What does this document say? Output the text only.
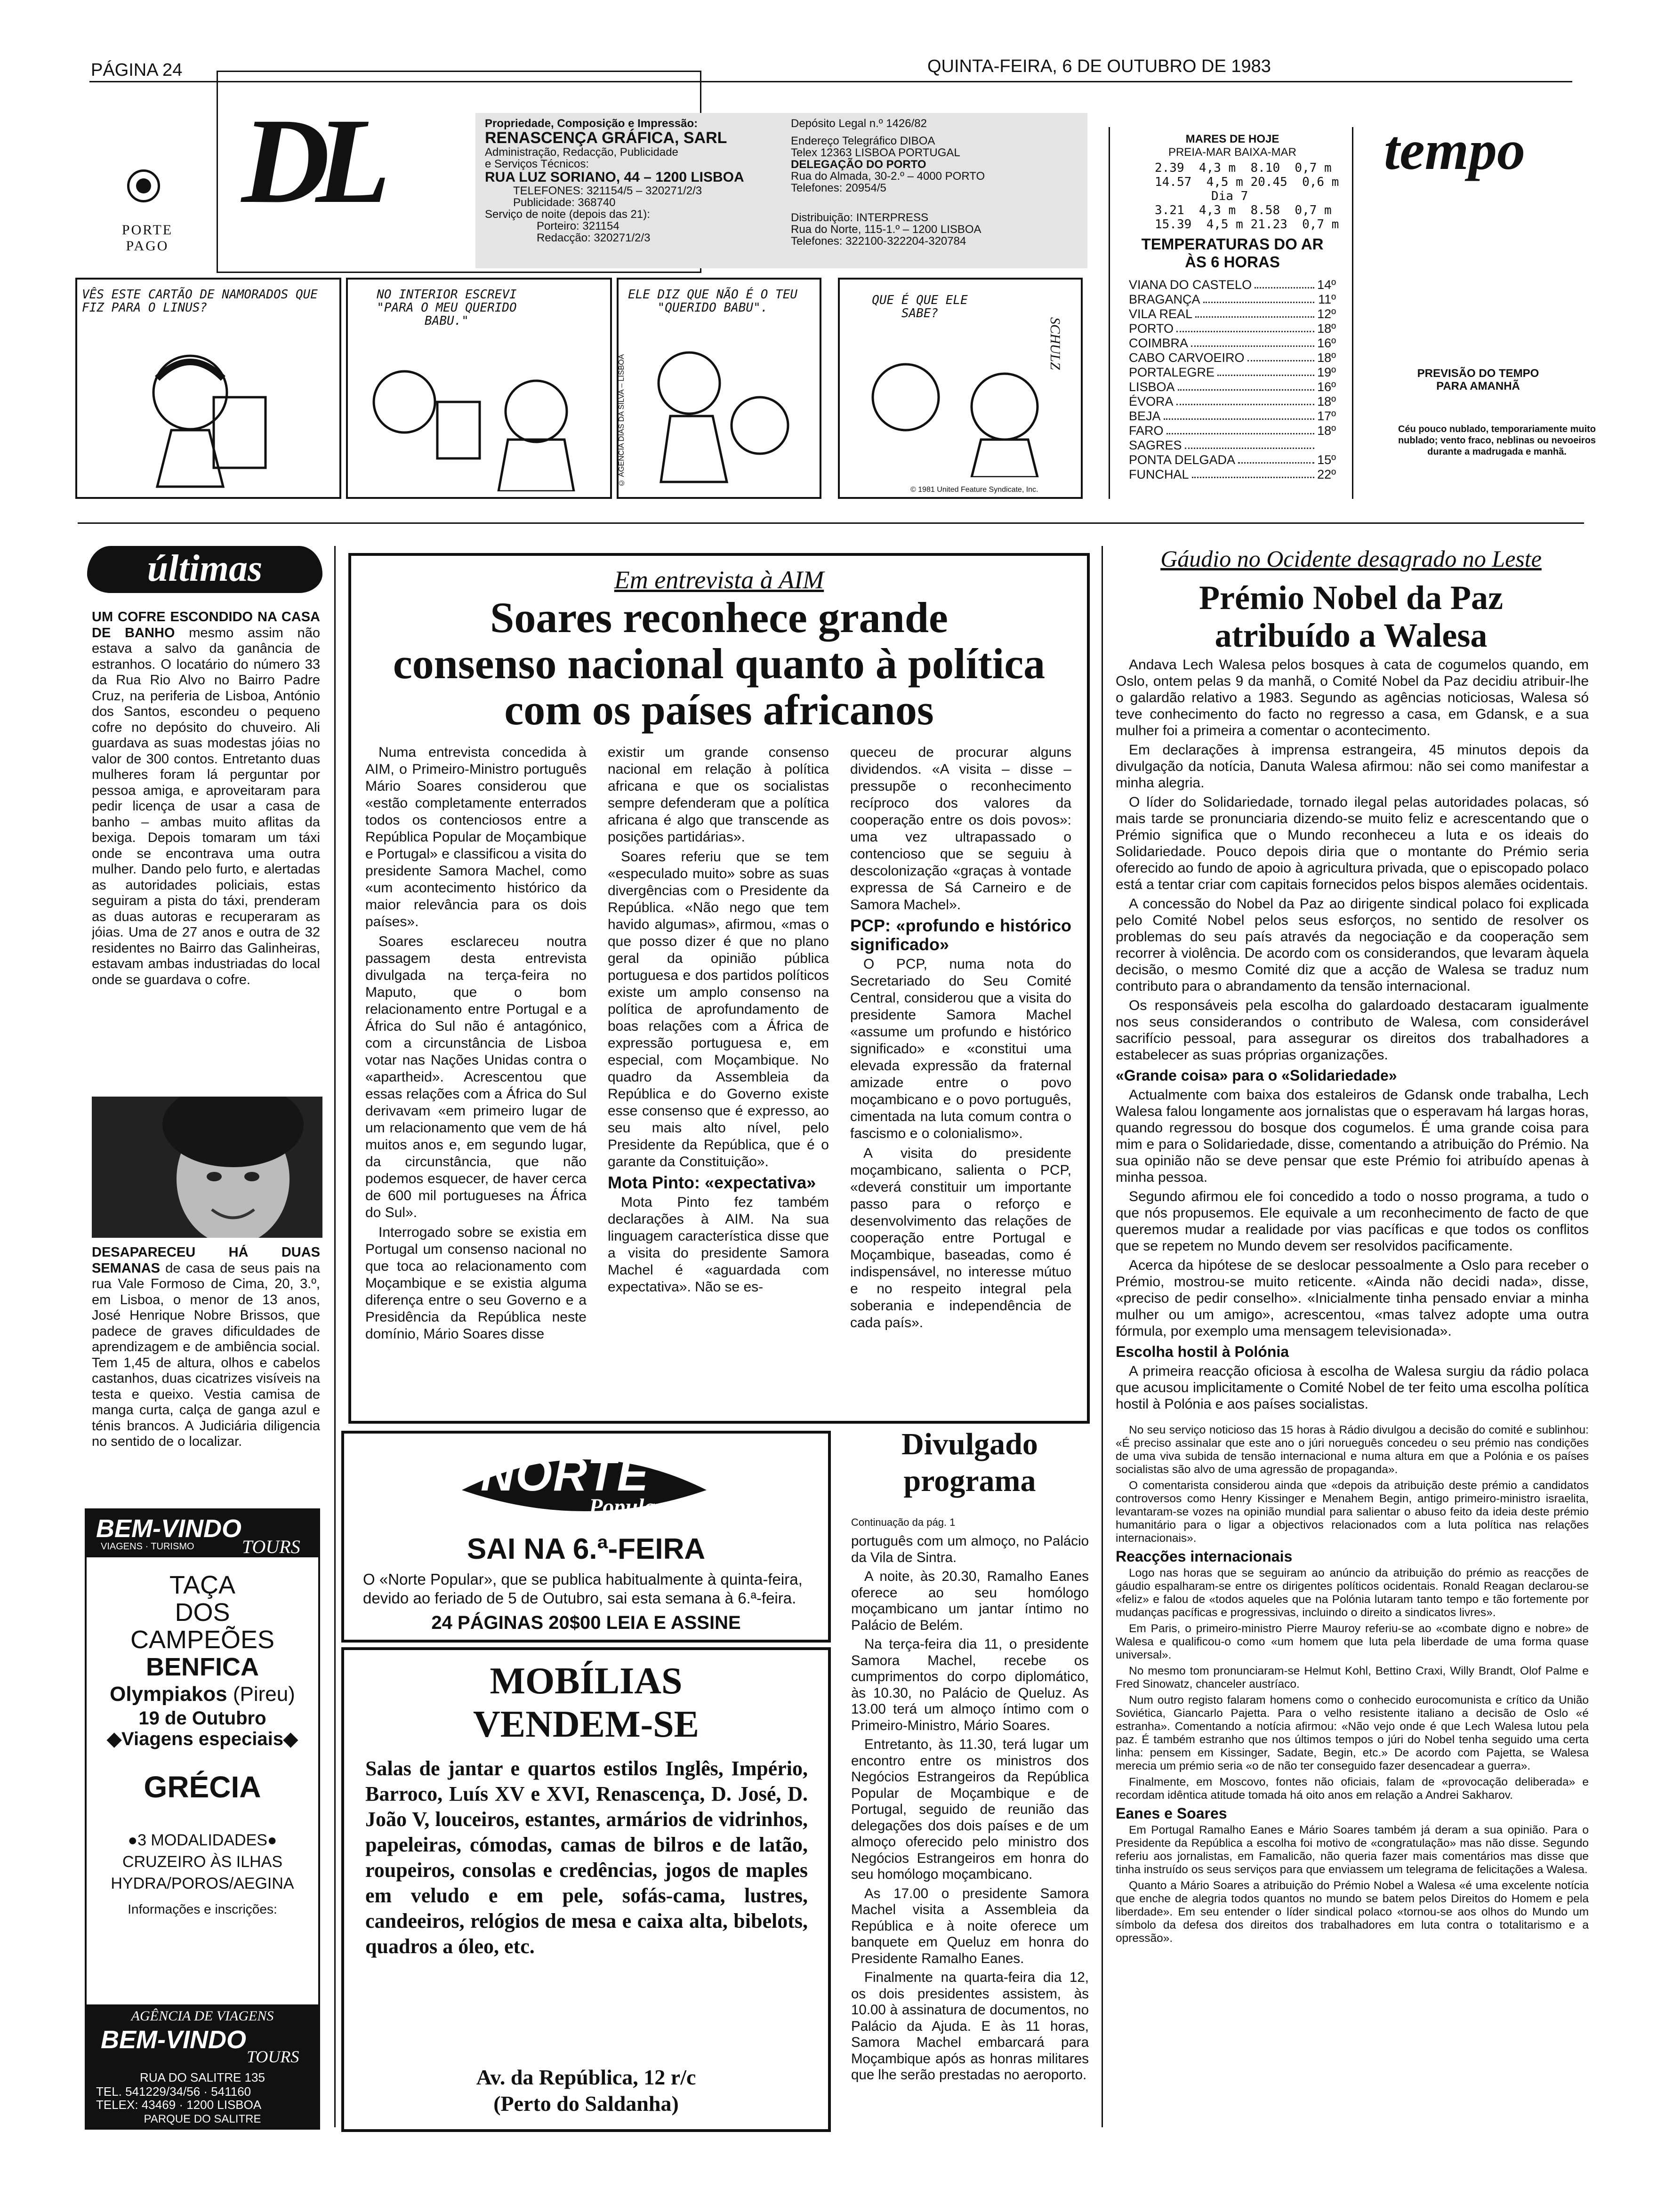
PÁGINA 24	QUINTA-FEIRA, 6 DE OUTUBRO DE 1983
DL
PORTE
PAGO
Propriedade, Composição e Impressão:
RENASCENÇA GRÁFICA, SARL
Administração, Redacção, Publicidade
e Serviços Técnicos:
RUA LUZ SORIANO, 44 – 1200 LISBOA
TELEFONES: 321154/5 – 320271/2/3
Publicidade: 368740
Serviço de noite (depois das 21):
Porteiro: 321154
Redacção: 320271/2/3
Depósito Legal n.º 1426/82
Endereço Telegráfico DIBOA
Telex 12363 LISBOA PORTUGAL
DELEGAÇÃO DO PORTO
Rua do Almada, 30-2.º – 4000 PORTO
Telefones: 20954/5
Distribuição: INTERPRESS
Rua do Norte, 115-1.º – 1200 LISBOA
Telefones: 322100-322204-320784
VÊS ESTE CARTÃO DE NAMORADOS QUE FIZ PARA O LINUS?
NO INTERIOR ESCREVI "PARA O MEU QUERIDO BABU."
ELE DIZ QUE NÃO É O TEU "QUERIDO BABU".
© AGÊNCIA DIAS DA SILVA – LISBOA
QUE É QUE ELE SABE?
SCHULZ
© 1981 United Feature Syndicate, Inc.
MARES DE HOJE
PREIA-MAR BAIXA-MAR
2.39  4,3 m  8.10  0,7 m
14.57  4,5 m 20.45  0,6 m
Dia 7
3.21  4,3 m  8.58  0,7 m
15.39  4,5 m 21.23  0,7 m
TEMPERATURAS DO AR
ÀS 6 HORAS
VIANA DO CASTELO	14º
BRAGANÇA	11º
VILA REAL	12º
PORTO	18º
COIMBRA	16º
CABO CARVOEIRO	18º
PORTALEGRE	19º
LISBOA	16º
ÉVORA	18º
BEJA	17º
FARO	18º
SAGRES
PONTA DELGADA	15º
FUNCHAL	22º
tempo
PREVISÃO DO TEMPO
PARA AMANHÃ
Céu pouco nublado, temporariamente muito nublado; vento fraco, neblinas ou nevoeiros durante a madrugada e manhã.
últimas
UM COFRE ESCONDIDO NA CASA DE BANHO mesmo assim não estava a salvo da ganância de estranhos. O locatário do número 33 da Rua Rio Alvo no Bairro Padre Cruz, na periferia de Lisboa, António dos Santos, escondeu o pequeno cofre no depósito do chuveiro. Ali guardava as suas modestas jóias no valor de 300 contos. Entretanto duas mulheres foram lá perguntar por pessoa amiga, e aproveitaram para pedir licença de usar a casa de banho – ambas muito aflitas da bexiga. Depois tomaram um táxi onde se encontrava uma outra mulher. Dando pelo furto, e alertadas as autoridades policiais, estas seguiram a pista do táxi, prenderam as duas autoras e recuperaram as jóias. Uma de 27 anos e outra de 32 residentes no Bairro das Galinheiras, estavam ambas industriadas do local onde se guardava o cofre.
DESAPARECEU HÁ DUAS SEMANAS de casa de seus pais na rua Vale Formoso de Cima, 20, 3.º, em Lisboa, o menor de 13 anos, José Henrique Nobre Brissos, que padece de graves dificuldades de aprendizagem e de ambiência social. Tem 1,45 de altura, olhos e cabelos castanhos, duas cicatrizes visíveis na testa e queixo. Vestia camisa de manga curta, calça de ganga azul e ténis brancos. A Judiciária diligencia no sentido de o localizar.
BEM-VINDO
VIAGENS · TURISMO	TOURS
TAÇA
DOS
CAMPEÕES
BENFICA
Olympiakos (Pireu)
19 de Outubro
◆Viagens especiais◆
GRÉCIA
●3 MODALIDADES●
CRUZEIRO ÀS ILHAS
HYDRA/POROS/AEGINA
Informações e inscrições:
AGÊNCIA DE VIAGENS
BEM-VINDO
TOURS
RUA DO SALITRE 135
TEL. 541229/34/56 · 541160
TELEX: 43469 · 1200 LISBOA
PARQUE DO SALITRE
Em entrevista à AIM
Soares reconhece grande
consenso nacional quanto à política
com os países africanos

Numa entrevista concedida à AIM, o Primeiro-Ministro português Mário Soares considerou que «estão completamente enterrados todos os contenciosos entre a República Popular de Moçambique e Portugal» e classificou a visita do presidente Samora Machel, como «um acontecimento histórico da maior relevância para os dois países».

Soares esclareceu noutra passagem desta entrevista divulgada na terça-feira no Maputo, que o bom relacionamento entre Portugal e a África do Sul não é antagónico, com a circunstância de Lisboa votar nas Nações Unidas contra o «apartheid». Acrescentou que essas relações com a África do Sul derivavam «em primeiro lugar de um relacionamento que vem de há muitos anos e, em segundo lugar, da circunstância, que não podemos esquecer, de haver cerca de 600 mil portugueses na África do Sul».

Interrogado sobre se existia em Portugal um consenso nacional no que toca ao relacionamento com Moçambique e se existia alguma diferença entre o seu Governo e a Presidência da República neste domínio, Mário Soares disse

existir um grande consenso nacional em relação à política africana e que os socialistas sempre defenderam que a política africana é algo que transcende as posições partidárias».

Soares referiu que se tem «especulado muito» sobre as suas divergências com o Presidente da República. «Não nego que tem havido algumas», afirmou, «mas o que posso dizer é que no plano geral da opinião pública portuguesa e dos partidos políticos existe um amplo consenso na política de aprofundamento de boas relações com a África de expressão portuguesa e, em especial, com Moçambique. No quadro da Assembleia da República e do Governo existe esse consenso que é expresso, ao seu mais alto nível, pelo Presidente da República, que é o garante da Constituição».

Mota Pinto: «expectativa»

Mota Pinto fez também declarações à AIM. Na sua linguagem característica disse que a visita do presidente Samora Machel é «aguardada com expectativa». Não se es-

queceu de procurar alguns dividendos. «A visita – disse – pressupõe o reconhecimento recíproco dos valores da cooperação entre os dois povos»: uma vez ultrapassado o contencioso que se seguiu à descolonização «graças à vontade expressa de Sá Carneiro e de Samora Machel».

PCP: «profundo e histórico significado»

O PCP, numa nota do Secretariado do Seu Comité Central, considerou que a visita do presidente Samora Machel «assume um profundo e histórico significado» e «constitui uma elevada expressão da fraternal amizade entre o povo moçambicano e o povo português, cimentada na luta comum contra o fascismo e o colonialismo».

A visita do presidente moçambicano, salienta o PCP, «deverá constituir um importante passo para o reforço e desenvolvimento das relações de cooperação entre Portugal e Moçambique, baseadas, como é indispensável, no interesse mútuo e no respeito integral pela soberania e independência de cada país».

NORTE
Popular
SAI NA 6.ª-FEIRA
O «Norte Popular», que se publica habitualmente à quinta-feira, devido ao feriado de 5 de Outubro, sai esta semana à 6.ª-feira.
24 PÁGINAS 20$00 LEIA E ASSINE
MOBÍLIAS
VENDEM-SE
Salas de jantar e quartos estilos Inglês, Império, Barroco, Luís XV e XVI, Renascença, D. José, D. João V, louceiros, estantes, armários de vidrinhos, papeleiras, cómodas, camas de bilros e de latão, roupeiros, consolas e credências, jogos de maples em veludo e em pele, sofás-cama, lustres, candeeiros, relógios de mesa e caixa alta, bibelots, quadros a óleo, etc.
Av. da República, 12 r/c
(Perto do Saldanha)
Divulgado
programa
Continuação da pág. 1

português com um almoço, no Palácio da Vila de Sintra.

A noite, às 20.30, Ramalho Eanes oferece ao seu homólogo moçambicano um jantar íntimo no Palácio de Belém.

Na terça-feira dia 11, o presidente Samora Machel, recebe os cumprimentos do corpo diplomático, às 10.30, no Palácio de Queluz. As 13.00 terá um almoço íntimo com o Primeiro-Ministro, Mário Soares.

Entretanto, às 11.30, terá lugar um encontro entre os ministros dos Negócios Estrangeiros da República Popular de Moçambique e de Portugal, seguido de reunião das delegações dos dois países e de um almoço oferecido pelo ministro dos Negócios Estrangeiros em honra do seu homólogo moçambicano.

As 17.00 o presidente Samora Machel visita a Assembleia da República e à noite oferece um banquete em Queluz em honra do Presidente Ramalho Eanes.

Finalmente na quarta-feira dia 12, os dois presidentes assistem, às 10.00 à assinatura de documentos, no Palácio da Ajuda. E às 11 horas, Samora Machel embarcará para Moçambique após as honras militares que lhe serão prestadas no aeroporto.

Gáudio no Ocidente desagrado no Leste
Prémio Nobel da Paz
atribuído a Walesa

Andava Lech Walesa pelos bosques à cata de cogumelos quando, em Oslo, ontem pelas 9 da manhã, o Comité Nobel da Paz decidiu atribuir-lhe o galardão relativo a 1983. Segundo as agências noticiosas, Walesa só teve conhecimento do facto no regresso a casa, em Gdansk, e a sua mulher foi a primeira a comentar o acontecimento.

Em declarações à imprensa estrangeira, 45 minutos depois da divulgação da notícia, Danuta Walesa afirmou: não sei como manifestar a minha alegria.

O líder do Solidariedade, tornado ilegal pelas autoridades polacas, só mais tarde se pronunciaria dizendo-se muito feliz e acrescentando que o Prémio significa que o Mundo reconheceu a luta e os ideais do Solidariedade. Pouco depois diria que o montante do Prémio seria oferecido ao fundo de apoio à agricultura privada, que o episcopado polaco está a tentar criar com capitais fornecidos pelos bispos alemães ocidentais.

A concessão do Nobel da Paz ao dirigente sindical polaco foi explicada pelo Comité Nobel pelos seus esforços, no sentido de resolver os problemas do seu país através da negociação e da cooperação sem recorrer à violência. De acordo com os considerandos, que levaram àquela decisão, o mesmo Comité diz que a acção de Walesa se traduz num contributo para o abrandamento da tensão internacional.

Os responsáveis pela escolha do galardoado destacaram igualmente nos seus considerandos o contributo de Walesa, com considerável sacrifício pessoal, para assegurar os direitos dos trabalhadores a estabelecer as suas próprias organizações.

«Grande coisa» para o «Solidariedade»

Actualmente com baixa dos estaleiros de Gdansk onde trabalha, Lech Walesa falou longamente aos jornalistas que o esperavam há largas horas, quando regressou do bosque dos cogumelos. É uma grande coisa para mim e para o Solidariedade, disse, comentando a atribuição do Prémio. Na sua opinião não se deve pensar que este Prémio foi atribuído apenas à minha pessoa.

Segundo afirmou ele foi concedido a todo o nosso programa, a tudo o que nós propusemos. Ele equivale a um reconhecimento de facto de que queremos mudar a realidade por vias pacíficas e que todos os conflitos que se repetem no Mundo devem ser resolvidos pacificamente.

Acerca da hipótese de se deslocar pessoalmente a Oslo para receber o Prémio, mostrou-se muito reticente. «Ainda não decidi nada», disse, «preciso de pedir conselho». «Inicialmente tinha pensado enviar a minha mulher ou um amigo», acrescentou, «mas talvez adopte uma outra fórmula, por exemplo uma mensagem televisionada».

Escolha hostil à Polónia

A primeira reacção oficiosa à escolha de Walesa surgiu da rádio polaca que acusou implicitamente o Comité Nobel de ter feito uma escolha política hostil à Polónia e aos países socialistas.

No seu serviço noticioso das 15 horas à Rádio divulgou a decisão do comité e sublinhou: «É preciso assinalar que este ano o júri norueguês concedeu o seu prémio nas condições de uma viva subida de tensão internacional e numa altura em que a Polónia e os países socialistas são alvo de uma agressão de propaganda».

O comentarista considerou ainda que «depois da atribuição deste prémio a candidatos controversos como Henry Kissinger e Menahem Begin, antigo primeiro-ministro israelita, levantaram-se vozes na opinião mundial para salientar o abuso feito da ideia deste prémio humanitário para o ligar a objectivos relacionados com a luta política nas relações internacionais».

Reacções internacionais

Logo nas horas que se seguiram ao anúncio da atribuição do prémio as reacções de gáudio espalharam-se entre os dirigentes políticos ocidentais. Ronald Reagan declarou-se «feliz» e falou de «todos aqueles que na Polónia lutaram tanto tempo e tão fortemente por mudanças pacíficas e progressivas, incluindo o direito a sindicatos livres».

Em Paris, o primeiro-ministro Pierre Mauroy referiu-se ao «combate digno e nobre» de Walesa e qualificou-o como «um homem que luta pela liberdade de uma forma quase universal».

No mesmo tom pronunciaram-se Helmut Kohl, Bettino Craxi, Willy Brandt, Olof Palme e Fred Sinowatz, chanceler austríaco.

Num outro registo falaram homens como o conhecido eurocomunista e crítico da União Soviética, Giancarlo Pajetta. Para o velho resistente italiano a decisão de Oslo «é estranha». Comentando a notícia afirmou: «Não vejo onde é que Lech Walesa lutou pela paz. É também estranho que nos últimos tempos o júri do Nobel tenha seguido uma certa linha: pensem em Kissinger, Sadate, Begin, etc.» De acordo com Pajetta, se Walesa merecia um prémio seria «o de não ter conseguido fazer desencadear a guerra».

Finalmente, em Moscovo, fontes não oficiais, falam de «provocação deliberada» e recordam idêntica atitude tomada há oito anos em relação a Andrei Sakharov.

Eanes e Soares

Em Portugal Ramalho Eanes e Mário Soares também já deram a sua opinião. Para o Presidente da República a escolha foi motivo de «congratulação» mas não disse. Segundo referiu aos jornalistas, em Famalicão, não queria fazer mais comentários mas disse que tinha instruído os seus serviços para que enviassem um telegrama de felicitações a Walesa.

Quanto a Mário Soares a atribuição do Prémio Nobel a Walesa «é uma excelente notícia que enche de alegria todos quantos no mundo se batem pelos Direitos do Homem e pela liberdade». Em seu entender o líder sindical polaco «tornou-se aos olhos do Mundo um símbolo da defesa dos direitos dos trabalhadores em luta contra o totalitarismo e a opressão».
